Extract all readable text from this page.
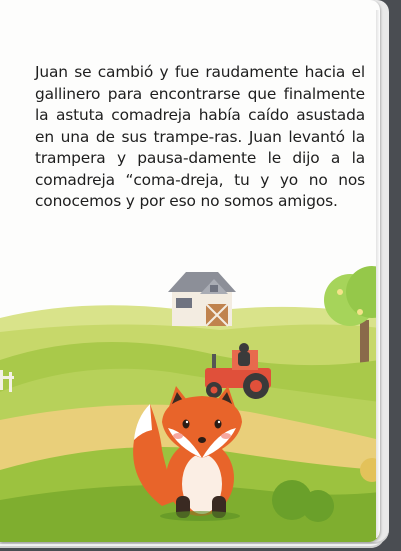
Juan se cambió y fue raudamente hacia el gallinero para encontrarse que finalmente la astuta comadreja había caído asustada en una de sus trampe-ras. Juan levantó la trampera y pausa-damente le dijo a la comadreja “coma-dreja, tu y yo no nos conocemos y por eso no somos amigos.
